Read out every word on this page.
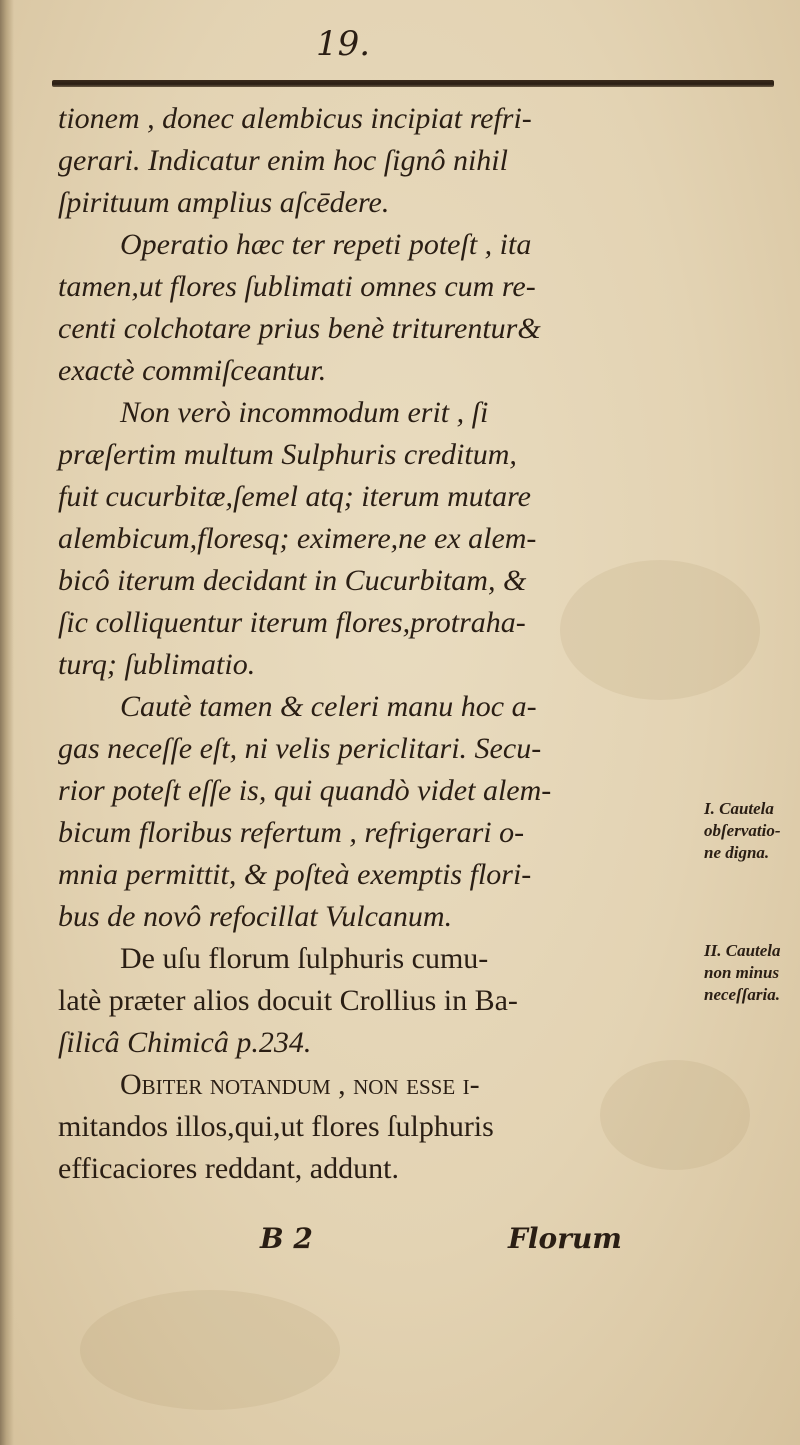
19.
tionem , donec alembicus incipiat refri-
gerari. Indicatur enim hoc ſignô nihil
ſpirituum amplius aſcēdere.
Operatio hæc ter repeti poteſt , ita
tamen,ut flores ſublimati omnes cum re-
centi colchotare prius benè triturentur&
exactè commiſceantur.
Non verò incommodum erit , ſi
præſertim multum Sulphuris creditum,
fuit cucurbitæ,ſemel atq; iterum mutare
alembicum,floresq; eximere,ne ex alem-
bicô iterum decidant in Cucurbitam, &
ſic colliquentur iterum flores,protraha-
turq; ſublimatio.
Cautè tamen & celeri manu hoc a-
gas neceſſe eſt, ni velis periclitari. Secu-
rior poteſt eſſe is, qui quandò videt alem-
bicum floribus refertum , refrigerari o-
mnia permittit, & poſteà exemptis flori-
bus de novô refocillat Vulcanum.
De uſu florum ſulphuris cumu-
latè præter alios docuit Crollius in Ba-
ſilicâ Chimicâ p.234.
Obiter notandum , non eſſe i-
mitandos illos,qui,ut flores ſulphuris
efficaciores reddant, addunt.
I. Cautela
obſervatio-
ne digna.
II. Cautela
non minus
neceſſaria.
B 2	Florum
